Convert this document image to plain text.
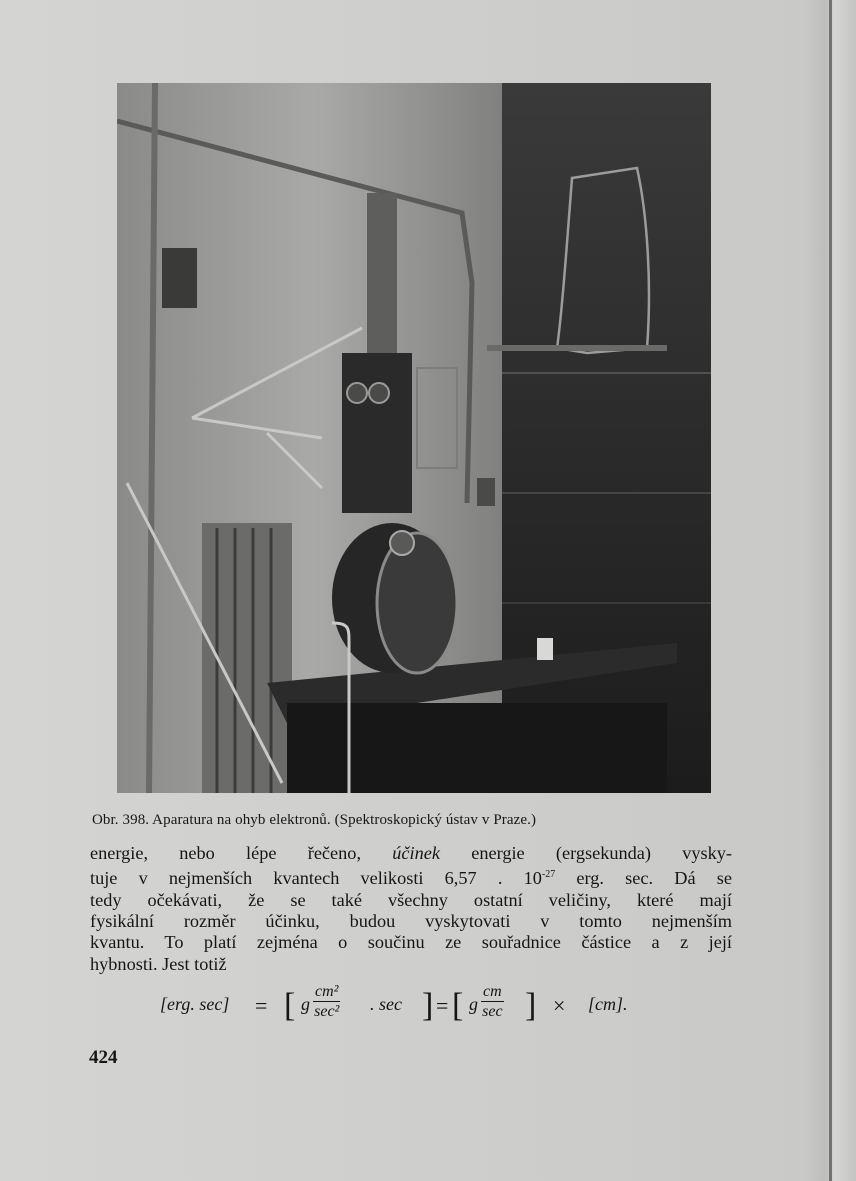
Obr. 398. Aparatura na ohyb elektronů. (Spektroskopický ústav v Praze.)
energie, nebo lépe řečeno, účinek energie (ergsekunda) vysky-
tuje v nejmenších kvantech velikosti 6,57 . $10^{-27}$ erg. sec. Dá se
tedy očekávati, že se také všechny ostatní veličiny, které mají
fysikální rozměr účinku, budou vyskytovati v tomto nejmenším
kvantu. To platí zejména o součinu ze souřadnice částice a z její
hybnosti. Jest totiž
[erg. sec] = [ g
cm²
sec² . sec ] = [ g
cm
sec ] × [cm].
424
